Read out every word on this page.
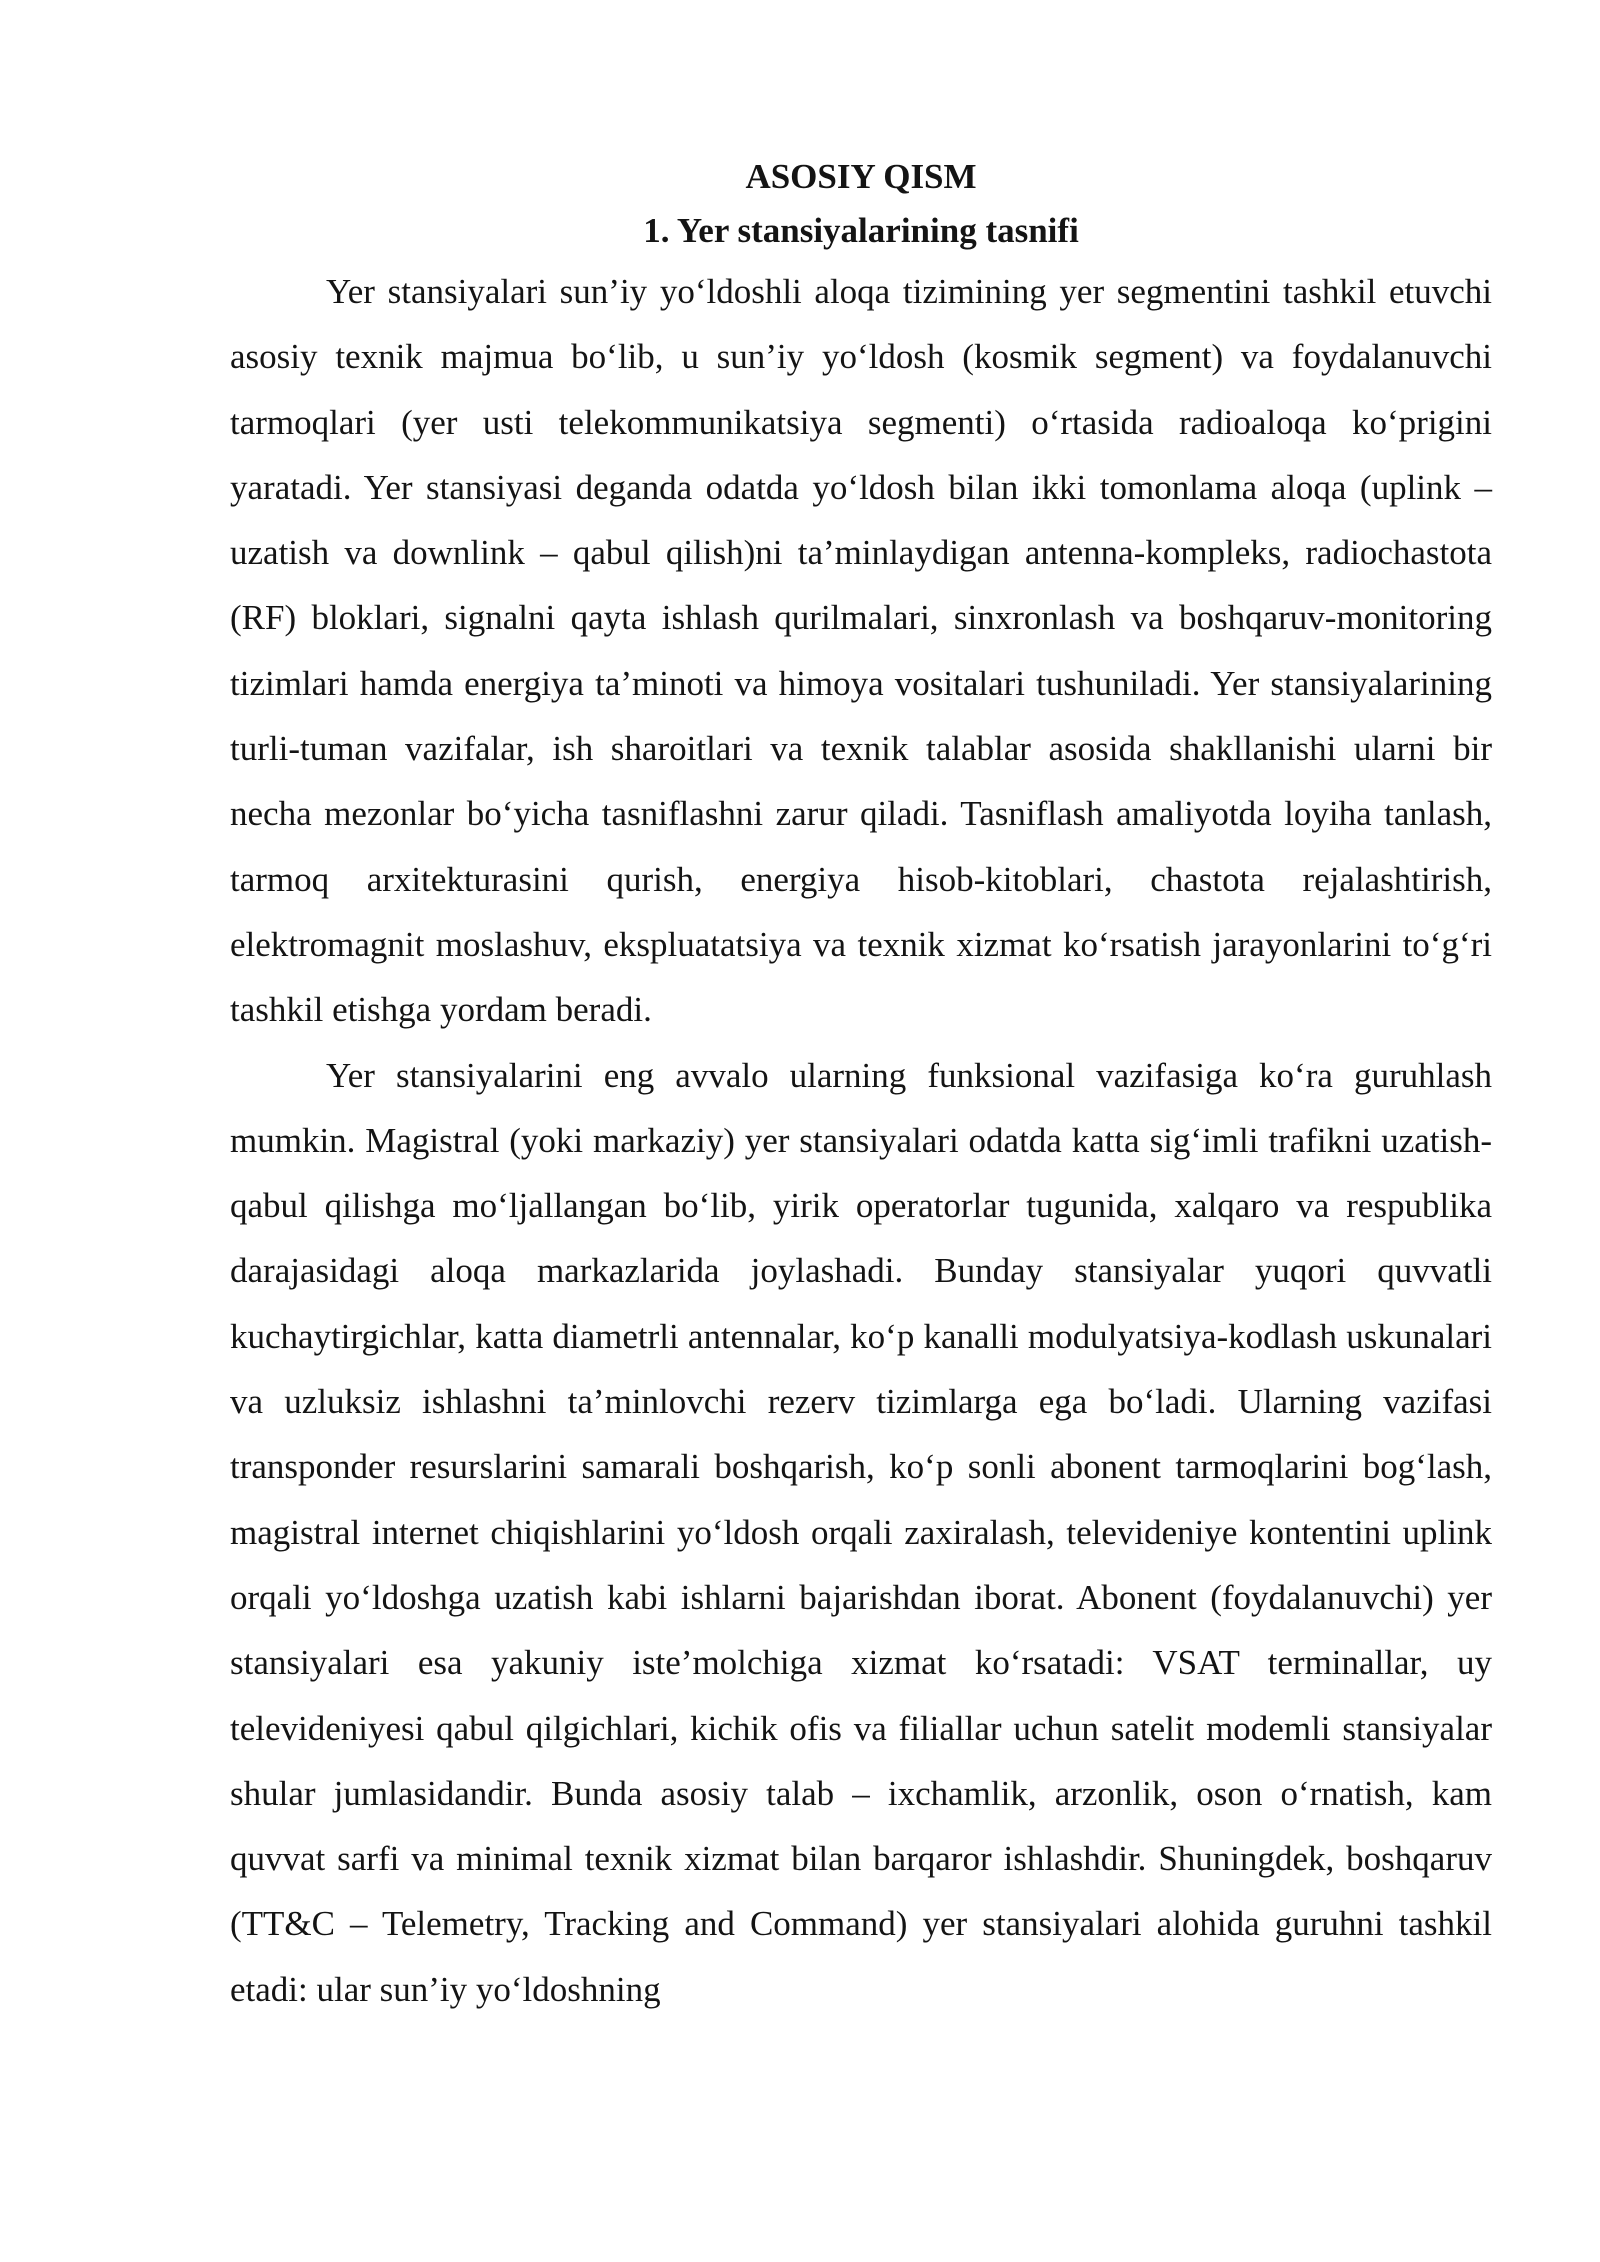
ASOSIY QISM
1. Yer stansiyalarining tasnifi

Yer stansiyalari sun’iy yo‘ldoshli aloqa tizimining yer segmentini tashkil etuvchi asosiy texnik majmua bo‘lib, u sun’iy yo‘ldosh (kosmik segment) va foydalanuvchi tarmoqlari (yer usti telekommunikatsiya segmenti) o‘rtasida radioaloqa ko‘prigini yaratadi. Yer stansiyasi deganda odatda yo‘ldosh bilan ikki tomonlama aloqa (uplink – uzatish va downlink – qabul qilish)ni ta’minlaydigan antenna-kompleks, radiochastota (RF) bloklari, signalni qayta ishlash qurilmalari, sinxronlash va boshqaruv-monitoring tizimlari hamda energiya ta’minoti va himoya vositalari tushuniladi. Yer stansiyalarining turli-tuman vazifalar, ish sharoitlari va texnik talablar asosida shakllanishi ularni bir necha mezonlar bo‘yicha tasniflashni zarur qiladi. Tasniflash amaliyotda loyiha tanlash, tarmoq arxitekturasini qurish, energiya hisob-kitoblari, chastota rejalashtirish, elektromagnit moslashuv, ekspluatatsiya va texnik xizmat ko‘rsatish jarayonlarini to‘g‘ri tashkil etishga yordam beradi.

Yer stansiyalarini eng avvalo ularning funksional vazifasiga ko‘ra guruhlash mumkin. Magistral (yoki markaziy) yer stansiyalari odatda katta sig‘imli trafikni uzatish-qabul qilishga mo‘ljallangan bo‘lib, yirik operatorlar tugunida, xalqaro va respublika darajasidagi aloqa markazlarida joylashadi. Bunday stansiyalar yuqori quvvatli kuchaytirgichlar, katta diametrli antennalar, ko‘p kanalli modulyatsiya-kodlash uskunalari va uzluksiz ishlashni ta’minlovchi rezerv tizimlarga ega bo‘ladi. Ularning vazifasi transponder resurslarini samarali boshqarish, ko‘p sonli abonent tarmoqlarini bog‘lash, magistral internet chiqishlarini yo‘ldosh orqali zaxiralash, televideniye kontentini uplink orqali yo‘ldoshga uzatish kabi ishlarni bajarishdan iborat. Abonent (foydalanuvchi) yer stansiyalari esa yakuniy iste’molchiga xizmat ko‘rsatadi: VSAT terminallar, uy televideniyesi qabul qilgichlari, kichik ofis va filiallar uchun satelit modemli stansiyalar shular jumlasidandir. Bunda asosiy talab – ixchamlik, arzonlik, oson o‘rnatish, kam quvvat sarfi va minimal texnik xizmat bilan barqaror ishlashdir. Shuningdek, boshqaruv (TT&C – Telemetry, Tracking and Command) yer stansiyalari alohida guruhni tashkil etadi: ular sun’iy yo‘ldoshning
